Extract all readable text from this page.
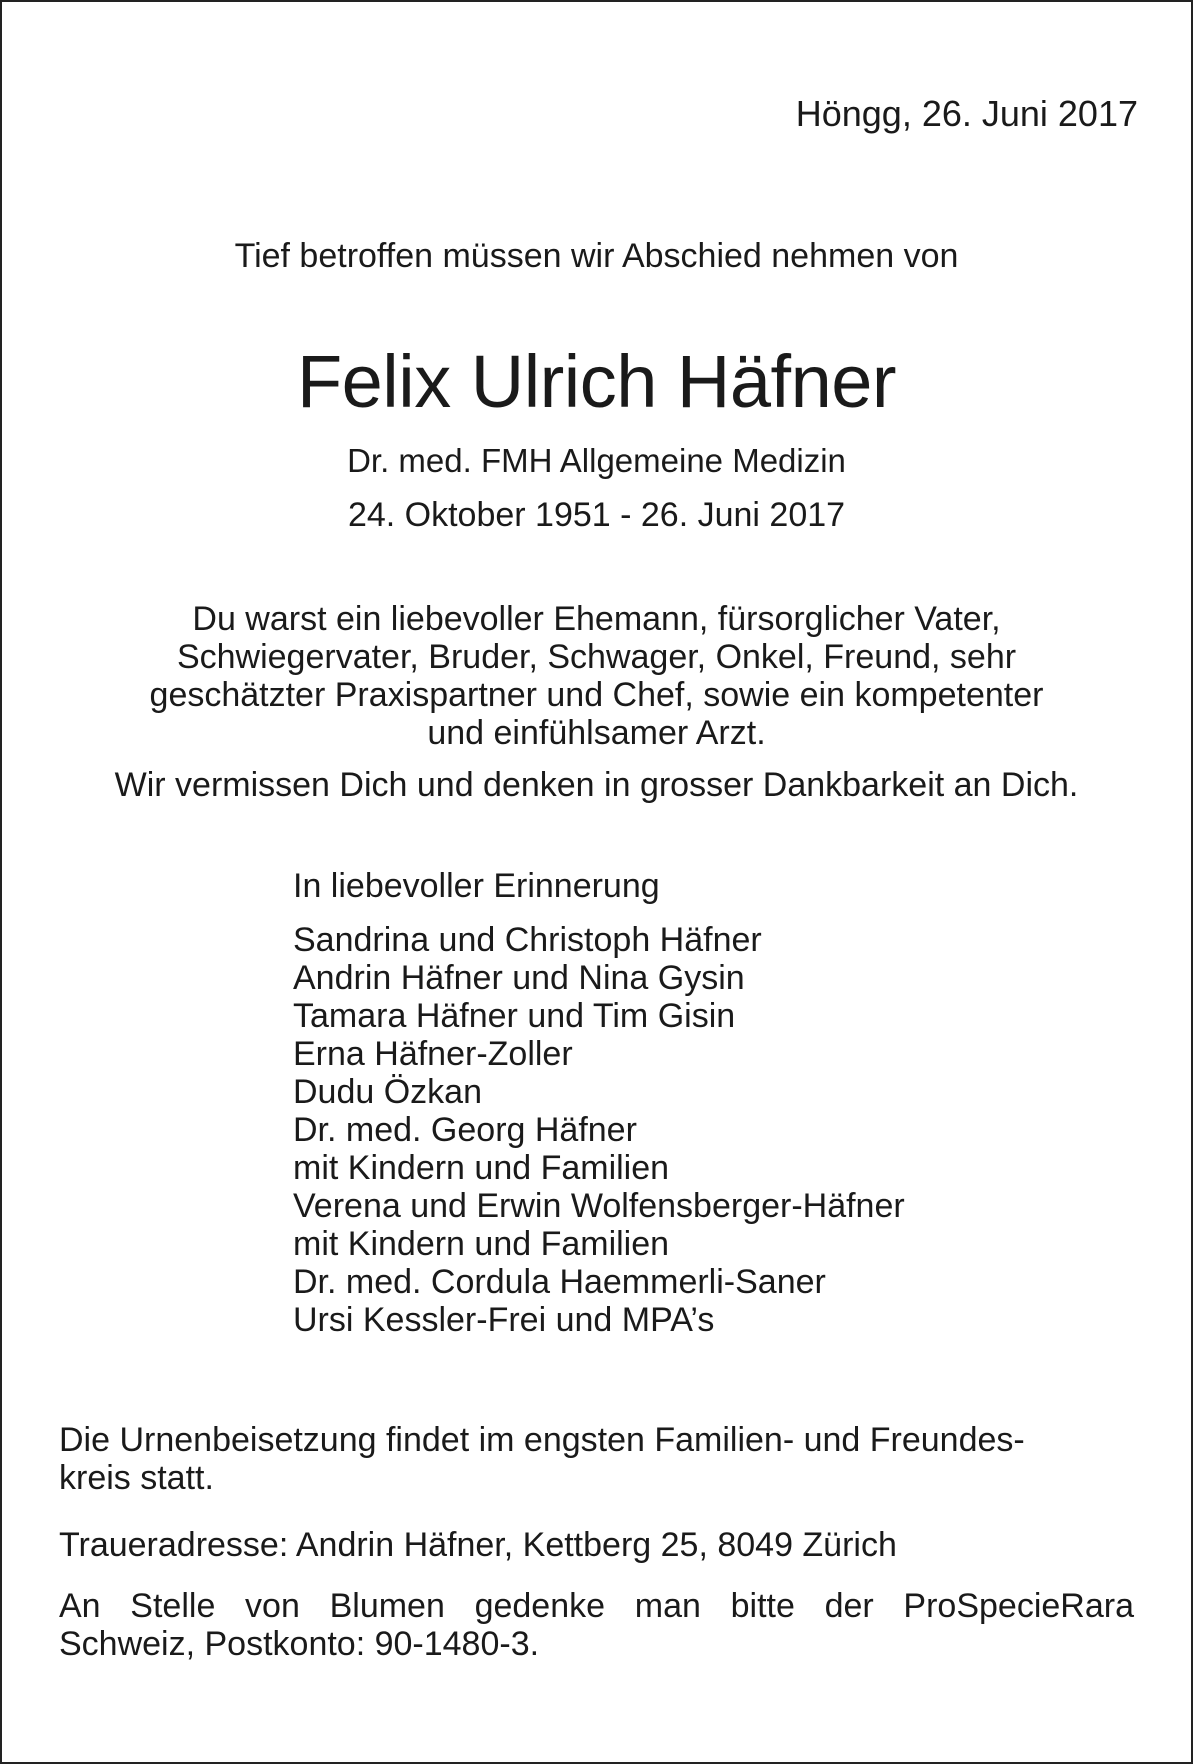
Höngg, 26. Juni 2017
Tief betroffen müssen wir Abschied nehmen von
Felix Ulrich Häfner
Dr. med. FMH Allgemeine Medizin
24. Oktober 1951 - 26. Juni 2017
Du warst ein liebevoller Ehemann, fürsorglicher Vater,
Schwiegervater, Bruder, Schwager, Onkel, Freund, sehr
geschätzter Praxispartner und Chef, sowie ein kompetenter
und einfühlsamer Arzt.
Wir vermissen Dich und denken in grosser Dankbarkeit an Dich.
In liebevoller Erinnerung
Sandrina und Christoph Häfner
Andrin Häfner und Nina Gysin
Tamara Häfner und Tim Gisin
Erna Häfner-Zoller
Dudu Özkan
Dr. med. Georg Häfner
mit Kindern und Familien
Verena und Erwin Wolfensberger-Häfner
mit Kindern und Familien
Dr. med. Cordula Haemmerli-Saner
Ursi Kessler-Frei und MPA’s
Die Urnenbeisetzung findet im engsten Familien- und Freundes-
kreis statt.
Traueradresse: Andrin Häfner, Kettberg 25, 8049 Zürich
An Stelle von Blumen gedenke man bitte der ProSpecieRara
Schweiz, Postkonto: 90-1480-3.
